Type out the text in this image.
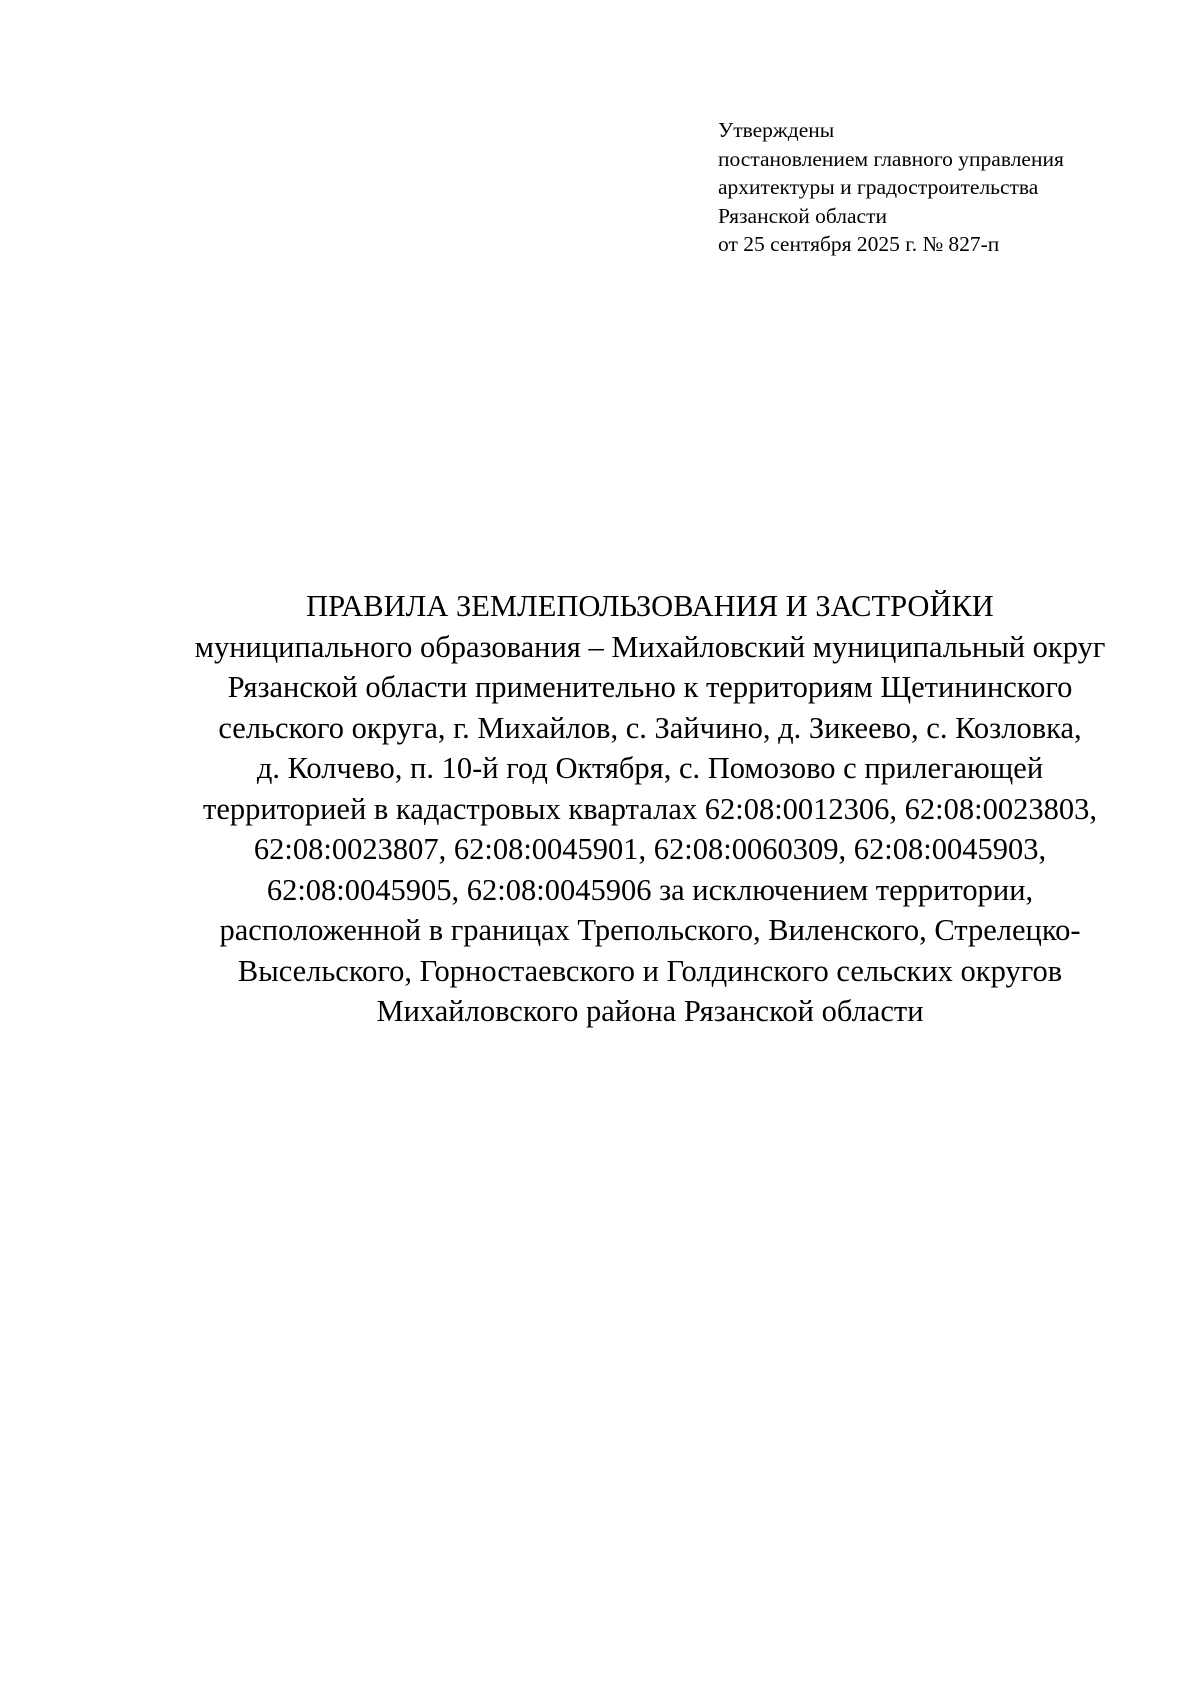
Утверждены
постановлением главного управления
архитектуры и градостроительства
Рязанской области
от 25 сентября 2025 г. № 827-п
ПРАВИЛА ЗЕМЛЕПОЛЬЗОВАНИЯ И ЗАСТРОЙКИ
муниципального образования – Михайловский муниципальный округ
Рязанской области применительно к территориям Щетининского
сельского округа, г. Михайлов, с. Зайчино, д. Зикеево, с. Козловка,
д. Колчево, п. 10-й год Октября, с. Помозово с прилегающей
территорией в кадастровых кварталах 62:08:0012306, 62:08:0023803,
62:08:0023807, 62:08:0045901, 62:08:0060309, 62:08:0045903,
62:08:0045905, 62:08:0045906 за исключением территории,
расположенной в границах Трепольского, Виленского, Стрелецко-
Высельского, Горностаевского и Голдинского сельских округов
Михайловского района Рязанской области
